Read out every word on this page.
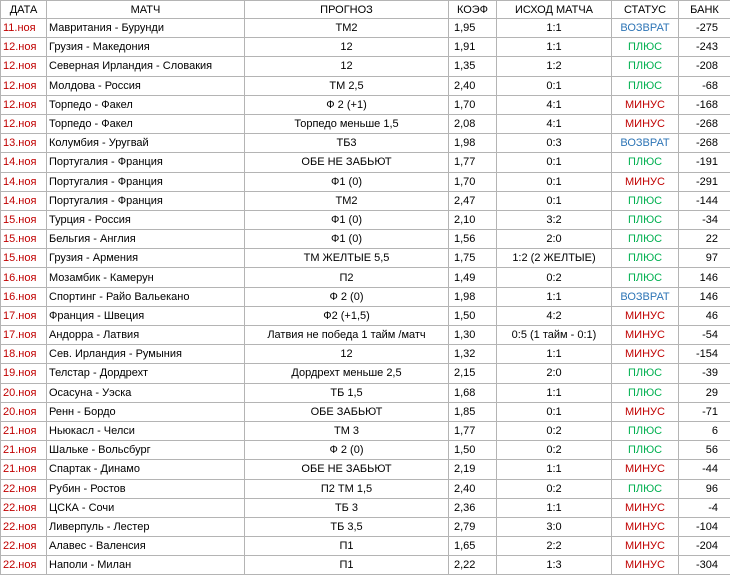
ДАТА	МАТЧ	ПРОГНОЗ	КОЭФ	ИСХОД МАТЧА	СТАТУС	БАНК
11.ноя	Мавритания - Бурунди	ТМ2	1,95	1:1	ВОЗВРАТ	-275
12.ноя	Грузия - Македония	12	1,91	1:1	ПЛЮС	-243
12.ноя	Северная Ирландия - Словакия	12	1,35	1:2	ПЛЮС	-208
12.ноя	Молдова - Россия	ТМ 2,5	2,40	0:1	ПЛЮС	-68
12.ноя	Торпедо - Факел	Ф 2 (+1)	1,70	4:1	МИНУС	-168
12.ноя	Торпедо - Факел	Торпедо меньше 1,5	2,08	4:1	МИНУС	-268
13.ноя	Колумбия - Уругвай	ТБ3	1,98	0:3	ВОЗВРАТ	-268
14.ноя	Португалия - Франция	ОБЕ НЕ ЗАБЬЮТ	1,77	0:1	ПЛЮС	-191
14.ноя	Португалия - Франция	Ф1 (0)	1,70	0:1	МИНУС	-291
14.ноя	Португалия - Франция	ТМ2	2,47	0:1	ПЛЮС	-144
15.ноя	Турция - Россия	Ф1 (0)	2,10	3:2	ПЛЮС	-34
15.ноя	Бельгия - Англия	Ф1 (0)	1,56	2:0	ПЛЮС	22
15.ноя	Грузия - Армения	ТМ ЖЕЛТЫЕ 5,5	1,75	1:2 (2 ЖЕЛТЫЕ)	ПЛЮС	97
16.ноя	Мозамбик - Камерун	П2	1,49	0:2	ПЛЮС	146
16.ноя	Спортинг - Райо Вальекано	Ф 2 (0)	1,98	1:1	ВОЗВРАТ	146
17.ноя	Франция - Швеция	Ф2 (+1,5)	1,50	4:2	МИНУС	46
17.ноя	Андорра - Латвия	Латвия не победа 1 тайм /матч	1,30	0:5 (1 тайм - 0:1)	МИНУС	-54
18.ноя	Сев. Ирландия - Румыния	12	1,32	1:1	МИНУС	-154
19.ноя	Телстар - Дордрехт	Дордрехт меньше 2,5	2,15	2:0	ПЛЮС	-39
20.ноя	Осасуна - Уэска	ТБ 1,5	1,68	1:1	ПЛЮС	29
20.ноя	Ренн - Бордо	ОБЕ ЗАБЬЮТ	1,85	0:1	МИНУС	-71
21.ноя	Ньюкасл - Челси	ТМ 3	1,77	0:2	ПЛЮС	6
21.ноя	Шальке - Вольсбург	Ф 2 (0)	1,50	0:2	ПЛЮС	56
21.ноя	Спартак - Динамо	ОБЕ НЕ ЗАБЬЮТ	2,19	1:1	МИНУС	-44
22.ноя	Рубин - Ростов	П2 ТМ 1,5	2,40	0:2	ПЛЮС	96
22.ноя	ЦСКА - Сочи	ТБ 3	2,36	1:1	МИНУС	-4
22.ноя	Ливерпуль - Лестер	ТБ 3,5	2,79	3:0	МИНУС	-104
22.ноя	Алавес - Валенсия	П1	1,65	2:2	МИНУС	-204
22.ноя	Наполи - Милан	П1	2,22	1:3	МИНУС	-304
